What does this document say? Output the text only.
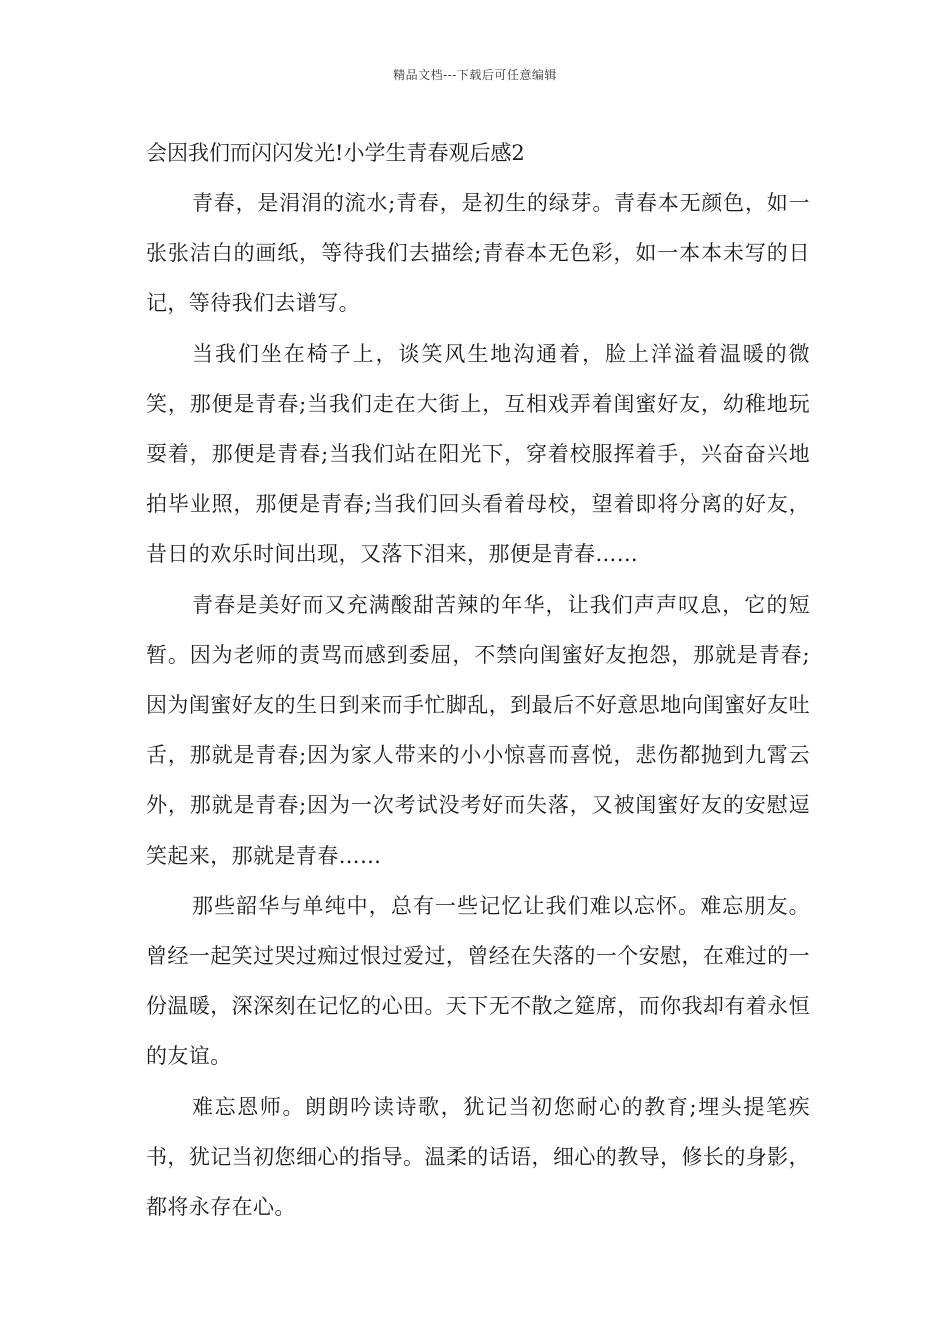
精品文档---下载后可任意编辑
会因我们而闪闪发光!小学生青春观后感2

青春，是涓涓的流水;青春，是初生的绿芽。青春本无颜色，如一张张洁白的画纸，等待我们去描绘;青春本无色彩，如一本本未写的日记，等待我们去谱写。

当我们坐在椅子上，谈笑风生地沟通着，脸上洋溢着温暖的微笑，那便是青春;当我们走在大街上，互相戏弄着闺蜜好友，幼稚地玩耍着，那便是青春;当我们站在阳光下，穿着校服挥着手，兴奋奋兴地拍毕业照，那便是青春;当我们回头看着母校，望着即将分离的好友，昔日的欢乐时间出现，又落下泪来，那便是青春……

青春是美好而又充满酸甜苦辣的年华，让我们声声叹息，它的短暂。因为老师的责骂而感到委屈，不禁向闺蜜好友抱怨，那就是青春;因为闺蜜好友的生日到来而手忙脚乱，到最后不好意思地向闺蜜好友吐舌，那就是青春;因为家人带来的小小惊喜而喜悦，悲伤都抛到九霄云外，那就是青春;因为一次考试没考好而失落，又被闺蜜好友的安慰逗笑起来，那就是青春……

那些韶华与单纯中，总有一些记忆让我们难以忘怀。难忘朋友。曾经一起笑过哭过痴过恨过爱过，曾经在失落的一个安慰，在难过的一份温暖，深深刻在记忆的心田。天下无不散之筵席，而你我却有着永恒的友谊。

难忘恩师。朗朗吟读诗歌，犹记当初您耐心的教育;埋头提笔疾书，犹记当初您细心的指导。温柔的话语，细心的教导，修长的身影，都将永存在心。
